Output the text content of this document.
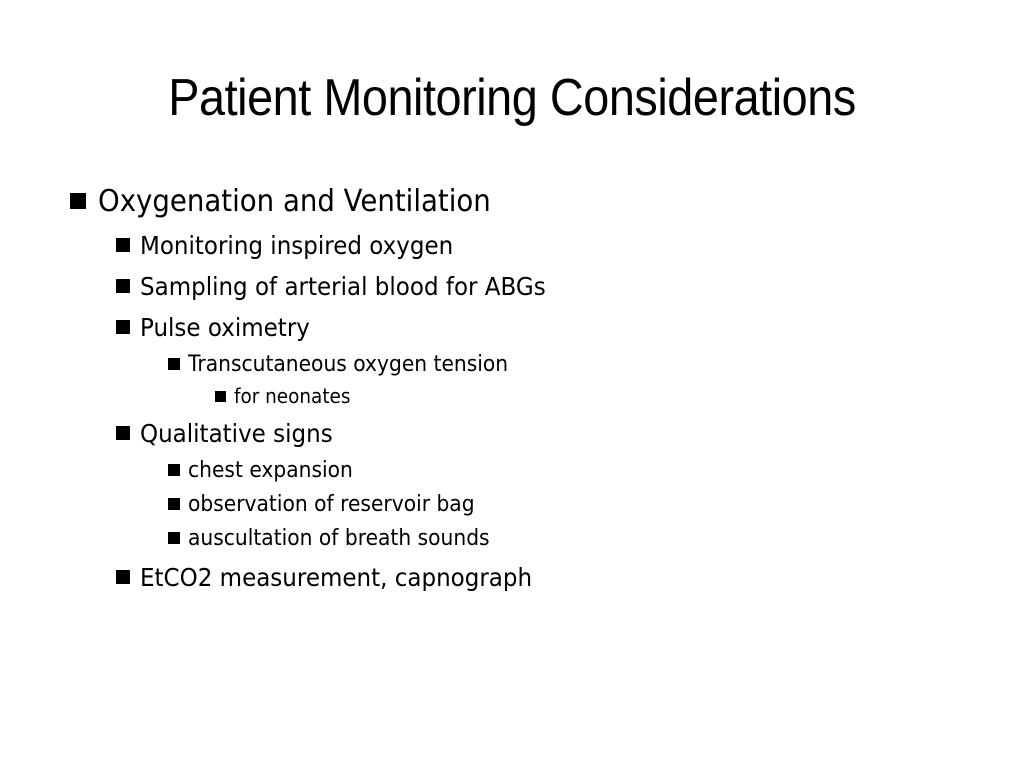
Patient Monitoring Considerations
Oxygenation and Ventilation
Monitoring inspired oxygen
Sampling of arterial blood for ABGs
Pulse oximetry
Transcutaneous oxygen tension
for neonates
Qualitative signs
chest expansion
observation of reservoir bag
auscultation of breath sounds
EtCO2 measurement, capnograph
